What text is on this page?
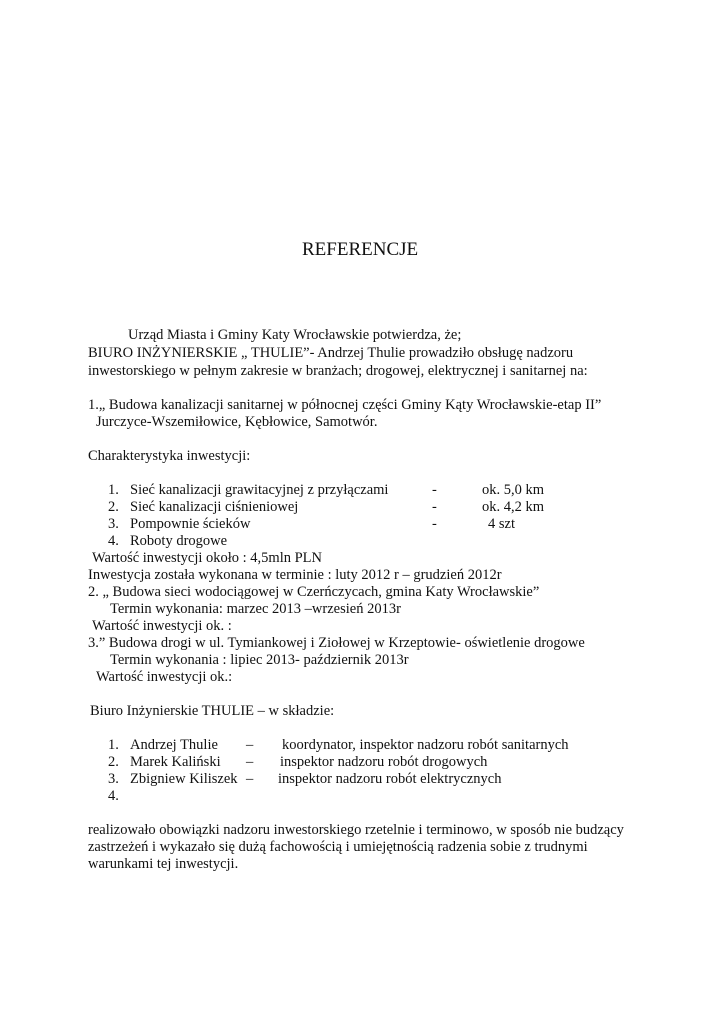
REFERENCJE
Urząd Miasta i Gminy Katy Wrocławskie potwierdza, że;
BIURO INŻYNIERSKIE „ THULIE”- Andrzej Thulie prowadziło obsługę nadzoru
inwestorskiego w pełnym zakresie w branżach; drogowej, elektrycznej i sanitarnej na:
1.„ Budowa kanalizacji sanitarnej w północnej części Gminy Kąty Wrocławskie-etap II”
Jurczyce-Wszemiłowice, Kębłowice, Samotwór.
Charakterystyka inwestycji:
1. Sieć kanalizacji grawitacyjnej z przyłączami	-	ok. 5,0 km
2. Sieć kanalizacji ciśnieniowej	-	ok. 4,2 km
3. Pompownie ścieków	-	4 szt
4. Roboty drogowe
Wartość inwestycji około : 4,5mln PLN
Inwestycja została wykonana w terminie : luty 2012 r – grudzień 2012r
2. „ Budowa sieci wodociągowej w Czerńczycach, gmina Katy Wrocławskie”
Termin wykonania: marzec 2013 –wrzesień 2013r
Wartość inwestycji ok. :
3.” Budowa drogi w ul. Tymiankowej i Ziołowej w Krzeptowie- oświetlenie drogowe
Termin wykonania : lipiec 2013- październik 2013r
Wartość inwestycji ok.:
Biuro Inżynierskie THULIE – w składzie:
1. Andrzej Thulie – koordynator, inspektor nadzoru robót sanitarnych
2. Marek Kaliński – inspektor nadzoru robót drogowych
3. Zbigniew Kiliszek – inspektor nadzoru robót elektrycznych
4.
realizowało obowiązki nadzoru inwestorskiego rzetelnie i terminowo, w sposób nie budzący
zastrzeżeń i wykazało się dużą fachowością i umiejętnością radzenia sobie z trudnymi
warunkami tej inwestycji.
